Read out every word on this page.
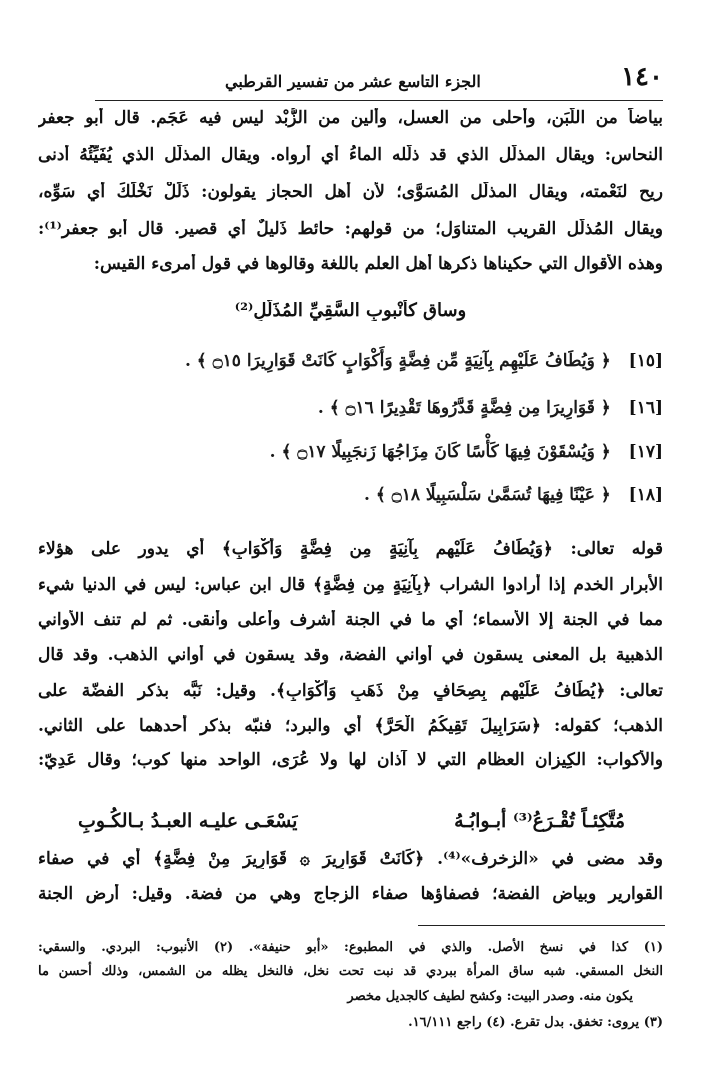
١٤٠
الجزء التاسع عشر من تفسير القرطبي
بياضاً من اللَّبَن، وأحلى من العسل، وألين من الزُّبْد ليس فيه عَجَم. قال أبو جعفر
النحاس: ويقال المذلَّل الذي قد ذلَّله الماءُ أي أرواه. ويقال المذلَّل الذي يُفَيِّئُهُ أدنى
ريح لنَعْمته، ويقال المذلّل المُسَوَّى؛ لأن أهل الحجاز يقولون: ذَلِّلْ نَخْلَكَ أي سَوِّه،
ويقال المُذلَّل القريب المتناوَل؛ من قولهم: حائط ذَليلٌ أي قصير. قال أبو جعفر⁽¹⁾:
وهذه الأقوال التي حكيناها ذكرها أهل العلم باللغة وقالوها في قول أمرىء القيس:
وساقٍ كأنْبوبِ السَّقِيِّ المُذَلَّلِ⁽²⁾
[١٥] ﴿ وَيُطَافُ عَلَيْهِم بِآنِيَةٍ مِّن فِضَّةٍ وَأَكْوَابٍ كَانَتْ قَوَارِيرَا ۝١٥ ﴾ .
[١٦] ﴿ قَوَارِيرَا مِن فِضَّةٍ قَدَّرُوهَا تَقْدِيرًا ۝١٦ ﴾ .
[١٧] ﴿ وَيُسْقَوْنَ فِيهَا كَأْسًا كَانَ مِزَاجُهَا زَنجَبِيلًا ۝١٧ ﴾ .
[١٨] ﴿ عَيْنًا فِيهَا تُسَمَّىٰ سَلْسَبِيلًا ۝١٨ ﴾ .
قوله تعالى: ﴿وَيُطَافُ عَلَيْهِم بِآنِيَةٍ مِن فِضَّةٍ وَأَكْوَابٍ﴾ أي يدور على هؤلاء
الأبرار الخدم إذا أرادوا الشراب ﴿بِآنِيَةٍ مِن فِضَّةٍ﴾ قال ابن عباس: ليس في الدنيا شيء
مما في الجنة إلا الأسماء؛ أي ما في الجنة أشرف وأعلى وأنقى. ثم لم تنف الأواني
الذهبية بل المعنى يسقون في أواني الفضة، وقد يسقون في أواني الذهب. وقد قال
تعالى: ﴿يُطَافُ عَلَيْهِم بِصِحَافٍ مِنْ ذَهَبٍ وَأَكْوَابٍ﴾. وقيل: نَبَّه بذكر الفضّة على
الذهب؛ كقوله: ﴿سَرَابِيلَ تَقِيكُمُ الْحَرَّ﴾ أي والبرد؛ فنبّه بذكر أحدهما على الثاني.
والأكواب: الكِيزان العظام التي لا آذان لها ولا عُرَى، الواحد منها كوب؛ وقال عَدِيّ:
مُتَّكِئـاً تُقْـرَعُ⁽³⁾ أبـوابُـهُ
يَسْعَـى عليـه العبـدُ بـالكُـوبِ
وقد مضى في «الزخرف»⁽⁴⁾. ﴿كَانَتْ قَوَارِيرَ ۞ قَوَارِيرَ مِنْ فِضَّةٍ﴾ أي في صفاء
القوارير وبياض الفضة؛ فصفاؤها صفاء الزجاج وهي من فضة. وقيل: أرض الجنة
(١) كذا في نسخ الأصل. والذي في المطبوع: «أبو حنيفة». (٢) الأنبوب: البردي. والسقي:
النخل المسقي. شبه ساق المرأة ببردي قد نبت تحت نخل، فالنخل يظله من الشمس، وذلك أحسن ما
يكون منه. وصدر البيت: وكشح لطيف كالجديل مخصر
(٣) يروى: تخفق. بدل تقرع. (٤) راجع ١٦/١١١.
